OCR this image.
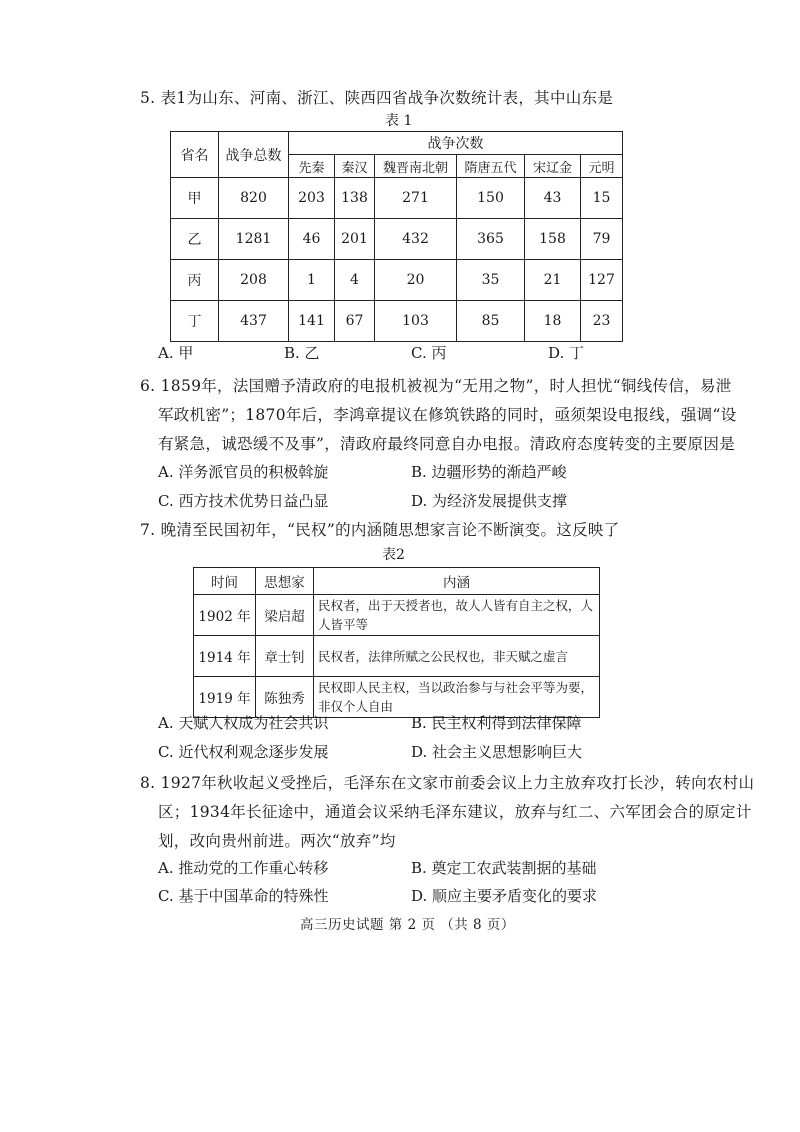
5. 表1为山东、河南、浙江、陕西四省战争次数统计表，其中山东是
表 1
省名	战争总数	战争次数					
		先秦	秦汉	魏晋南北朝	隋唐五代	宋辽金	元明
甲	820	203	138	271	150	43	15
乙	1281	46	201	432	365	158	79
丙	208	1	4	20	35	21	127
丁	437	141	67	103	85	18	23
A. 甲	B. 乙	C. 丙	D. 丁
6. 1859年，法国赠予清政府的电报机被视为“无用之物”，时人担忧“铜线传信，易泄
军政机密”；1870年后，李鸿章提议在修筑铁路的同时，亟须架设电报线，强调“设
有紧急，诚恐缓不及事”，清政府最终同意自办电报。清政府态度转变的主要原因是
A. 洋务派官员的积极斡旋	B. 边疆形势的渐趋严峻
C. 西方技术优势日益凸显	D. 为经济发展提供支撑
7. 晚清至民国初年，“民权”的内涵随思想家言论不断演变。这反映了
表2
时间	思想家	内涵
1902 年	梁启超	民权者，出于天授者也，故人人皆有自主之权，人人皆平等
1914 年	章士钊	民权者，法律所赋之公民权也，非天赋之虚言
1919 年	陈独秀	民权即人民主权，当以政治参与与社会平等为要，非仅个人自由
A. 天赋人权成为社会共识	B. 民主权利得到法律保障
C. 近代权利观念逐步发展	D. 社会主义思想影响巨大
8. 1927年秋收起义受挫后，毛泽东在文家市前委会议上力主放弃攻打长沙，转向农村山
区；1934年长征途中，通道会议采纳毛泽东建议，放弃与红二、六军团会合的原定计
划，改向贵州前进。两次“放弃”均
A. 推动党的工作重心转移	B. 奠定工农武装割据的基础
C. 基于中国革命的特殊性	D. 顺应主要矛盾变化的要求
高三历史试题 第 2 页 （共 8 页）
